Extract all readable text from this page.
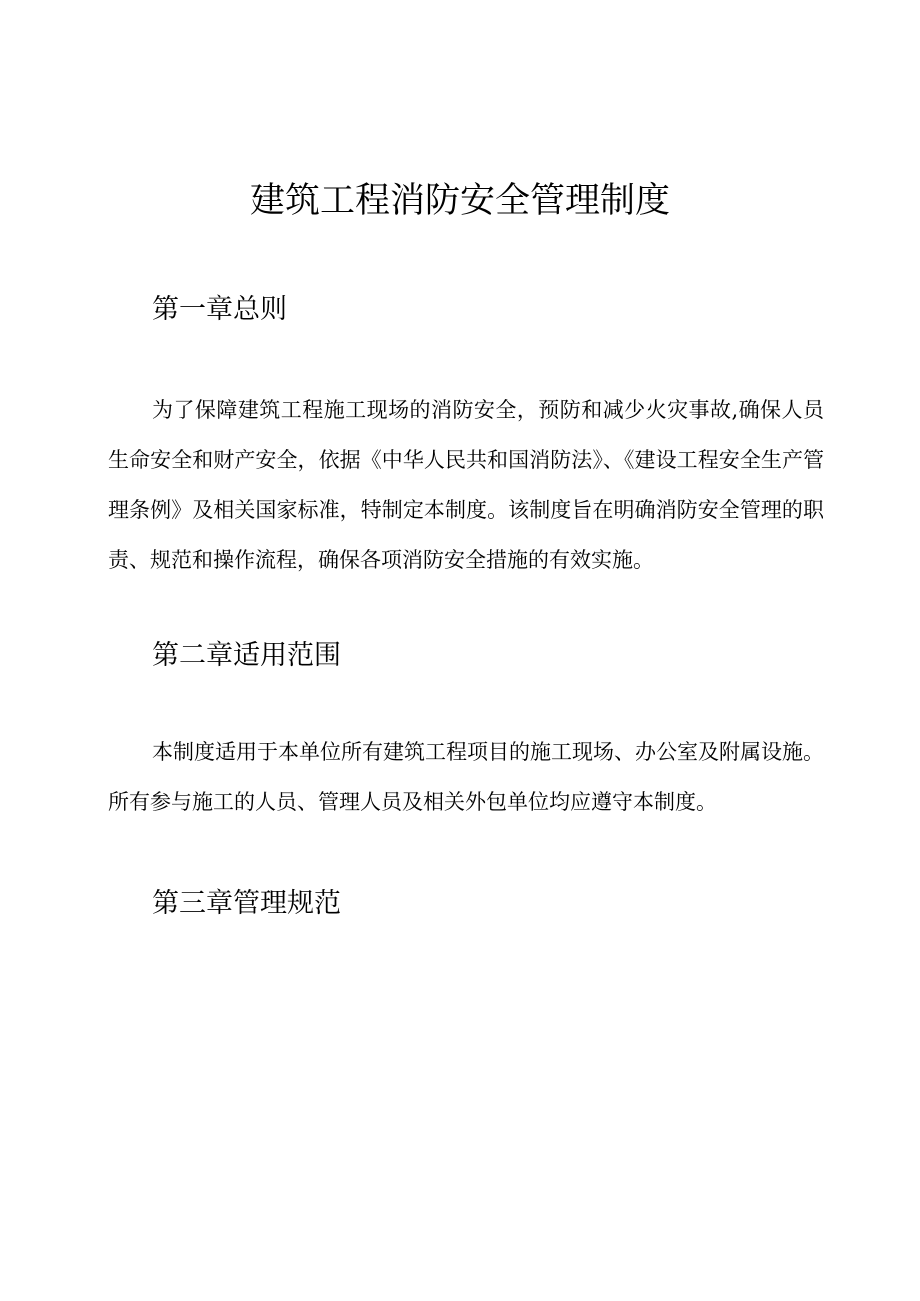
建筑工程消防安全管理制度
第一章总则

为了保障建筑工程施工现场的消防安全，预防和减少火灾事故,确保人员生命安全和财产安全，依据《中华人民共和国消防法》、《建设工程安全生产管理条例》及相关国家标准，特制定本制度。该制度旨在明确消防安全管理的职责、规范和操作流程，确保各项消防安全措施的有效实施。

第二章适用范围

本制度适用于本单位所有建筑工程项目的施工现场、办公室及附属设施。所有参与施工的人员、管理人员及相关外包单位均应遵守本制度。

第三章管理规范
